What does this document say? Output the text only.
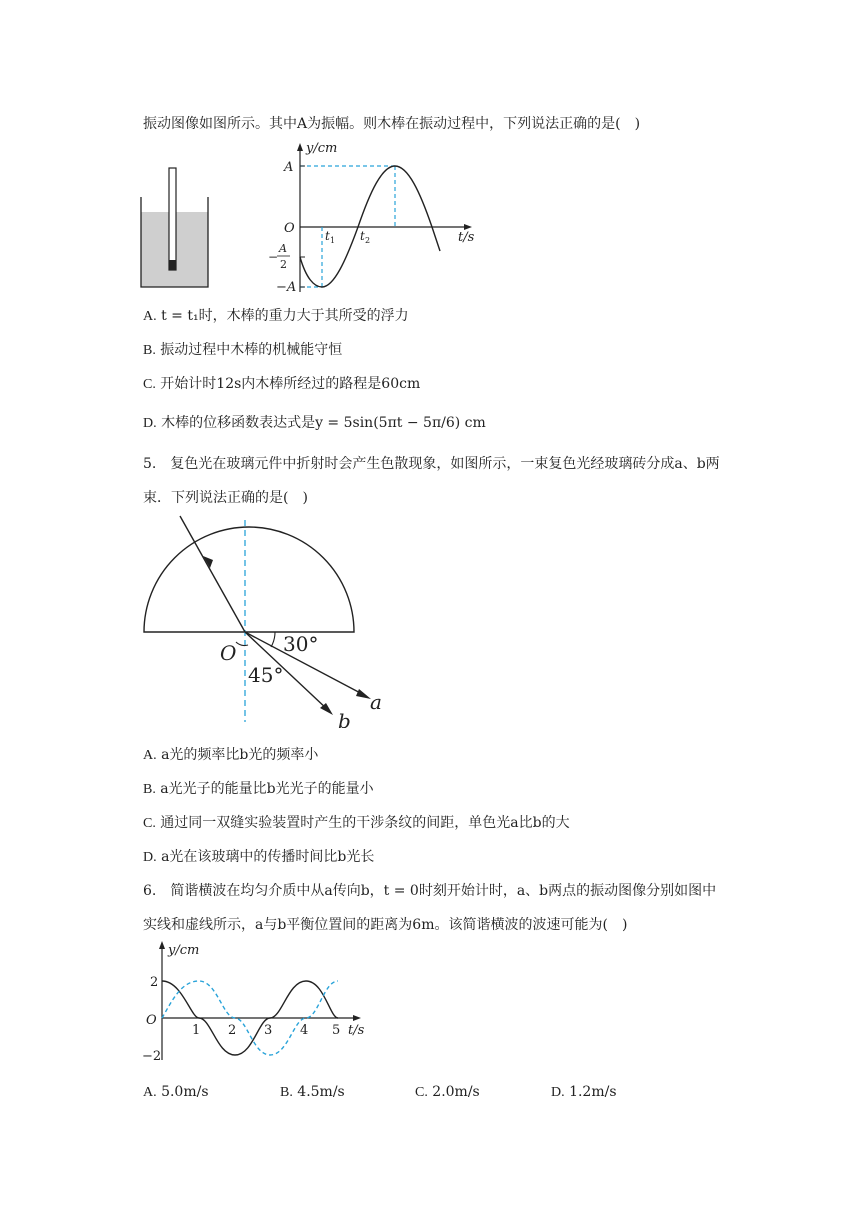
振动图像如图所示。其中A为振幅。则木棒在振动过程中，下列说法正确的是(　)
y/cm
A
O
−
A
2
−A
t 1 t 2	t/s
A. t = t₁时，木棒的重力大于其所受的浮力
B. 振动过程中木棒的机械能守恒
C. 开始计时12s内木棒所经过的路程是60cm
D. 木棒的位移函数表达式是y = 5sin(5πt − 5π/6) cm
5.　复色光在玻璃元件中折射时会产生色散现象，如图所示，一束复色光经玻璃砖分成a、b两
束．下列说法正确的是(　)
O 30°
45°
a
b
A. a光的频率比b光的频率小
B. a光光子的能量比b光光子的能量小
C. 通过同一双缝实验装置时产生的干涉条纹的间距，单色光a比b的大
D. a光在该玻璃中的传播时间比b光长
6.　简谐横波在均匀介质中从a传向b，t = 0时刻开始计时，a、b两点的振动图像分别如图中
实线和虚线所示，a与b平衡位置间的距离为6m。该简谐横波的波速可能为(　)
y/cm
2
O
−2
1 2 3 4 5 t/s
A. 5.0m/s	B. 4.5m/s	C. 2.0m/s	D. 1.2m/s
